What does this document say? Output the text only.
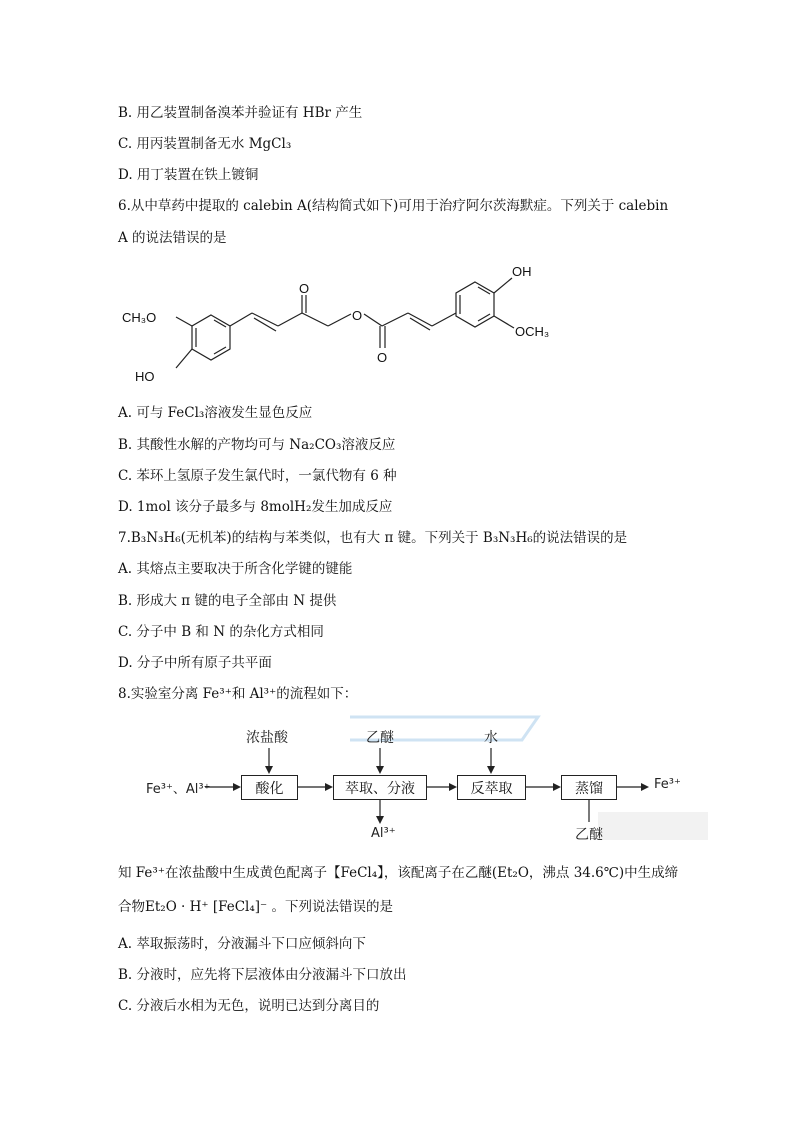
B. 用乙装置制备溴苯并验证有 HBr 产生
C. 用丙装置制备无水 MgCl₃
D. 用丁装置在铁上镀铜
6.从中草药中提取的 calebin A(结构简式如下)可用于治疗阿尔茨海默症。下列关于 calebin
A 的说法错误的是
CH₃O
HO
O
O
O
OH
OCH₃
A. 可与 FeCl₃溶液发生显色反应
B. 其酸性水解的产物均可与 Na₂CO₃溶液反应
C. 苯环上氢原子发生氯代时，一氯代物有 6 种
D. 1mol 该分子最多与 8molH₂发生加成反应
7.B₃N₃H₆(无机苯)的结构与苯类似，也有大 π 键。下列关于 B₃N₃H₆的说法错误的是
A. 其熔点主要取决于所含化学键的键能
B. 形成大 π 键的电子全部由 N 提供
C. 分子中 B 和 N 的杂化方式相同
D. 分子中所有原子共平面
8.实验室分离 Fe³⁺和 Al³⁺的流程如下：
Fe³⁺、Al³⁺
浓盐酸	乙醚	水
酸化	萃取、分液	反萃取	蒸馏
Al³⁺
Fe³⁺
乙醚
知 Fe³⁺在浓盐酸中生成黄色配离子【FeCl₄】，该配离子在乙醚(Et₂O，沸点 34.6℃)中生成缔
合物Et₂O · H⁺ [FeCl₄]⁻ 。下列说法错误的是
A. 萃取振荡时，分液漏斗下口应倾斜向下
B. 分液时，应先将下层液体由分液漏斗下口放出
C. 分液后水相为无色，说明已达到分离目的
